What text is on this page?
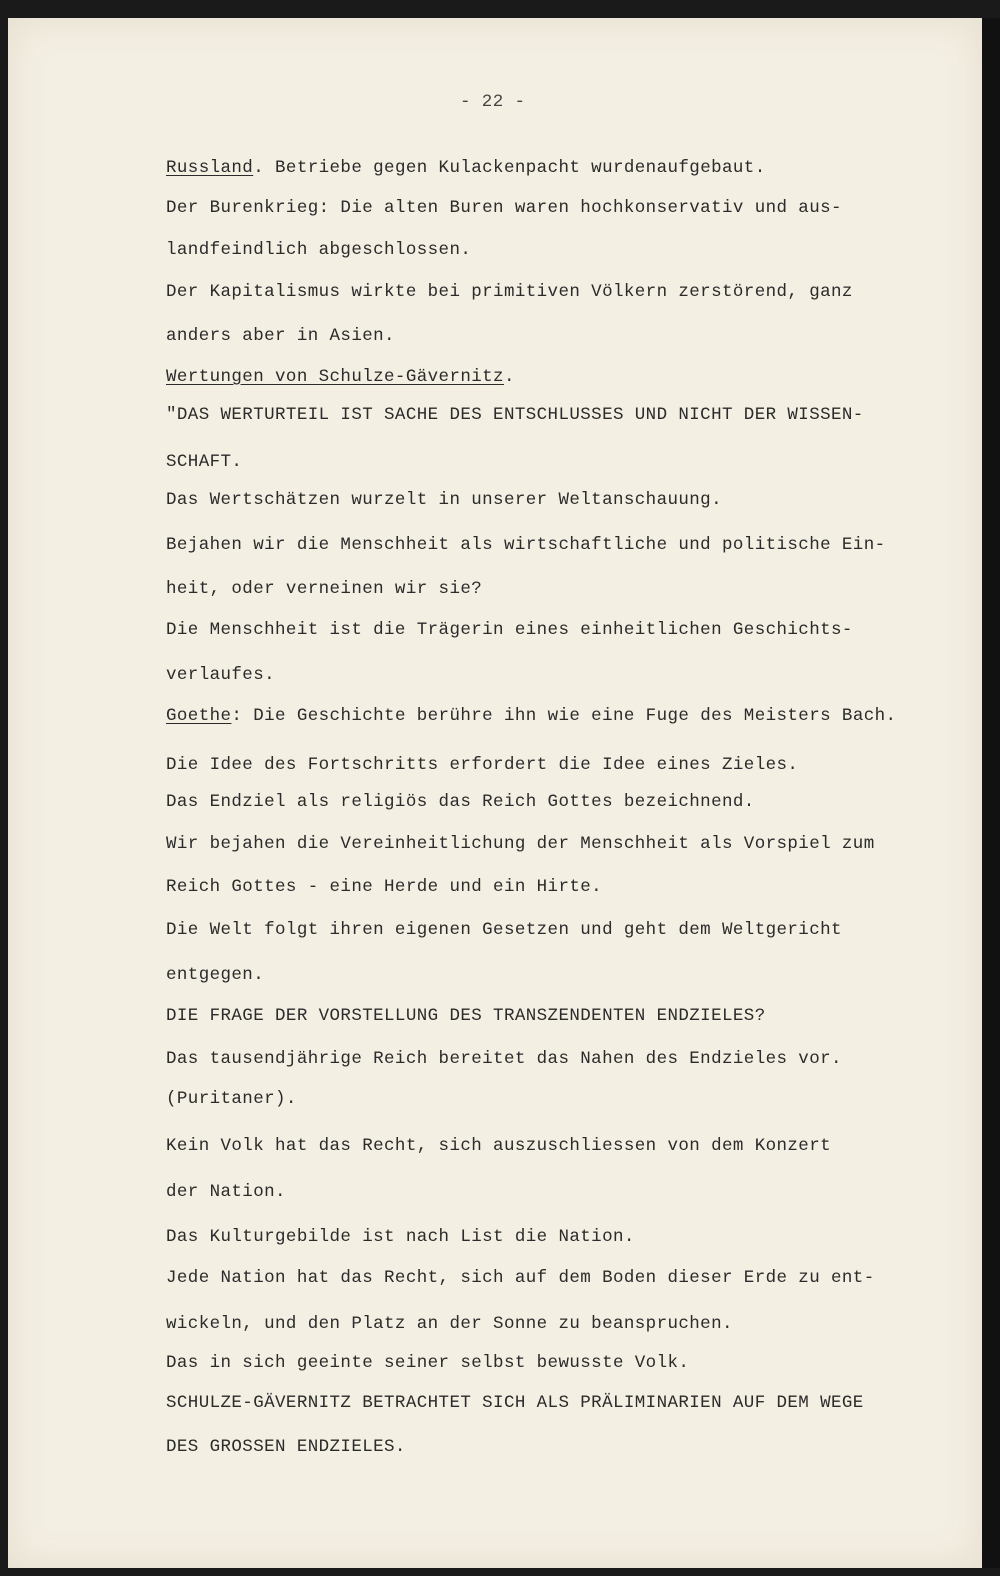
- 22 -
Russland. Betriebe gegen Kulackenpacht wurdenaufgebaut.
Der Burenkrieg: Die alten Buren waren hochkonservativ und aus-
landfeindlich abgeschlossen.
Der Kapitalismus wirkte bei primitiven Völkern zerstörend, ganz
anders aber in Asien.
Wertungen von Schulze-Gävernitz.
"DAS WERTURTEIL IST SACHE DES ENTSCHLUSSES UND NICHT DER WISSEN-
SCHAFT.
Das Wertschätzen wurzelt in unserer Weltanschauung.
Bejahen wir die Menschheit als wirtschaftliche und politische Ein-
heit, oder verneinen wir sie?
Die Menschheit ist die Trägerin eines einheitlichen Geschichts-
verlaufes.
Goethe: Die Geschichte berühre ihn wie eine Fuge des Meisters Bach.
Die Idee des Fortschritts erfordert die Idee eines Zieles.
Das Endziel als religiös das Reich Gottes bezeichnend.
Wir bejahen die Vereinheitlichung der Menschheit als Vorspiel zum
Reich Gottes - eine Herde und ein Hirte.
Die Welt folgt ihren eigenen Gesetzen und geht dem Weltgericht
entgegen.
DIE FRAGE DER VORSTELLUNG DES TRANSZENDENTEN ENDZIELES?
Das tausendjährige Reich bereitet das Nahen des Endzieles vor.
(Puritaner).
Kein Volk hat das Recht, sich auszuschliessen von dem Konzert
der Nation.
Das Kulturgebilde ist nach List die Nation.
Jede Nation hat das Recht, sich auf dem Boden dieser Erde zu ent-
wickeln, und den Platz an der Sonne zu beanspruchen.
Das in sich geeinte seiner selbst bewusste Volk.
SCHULZE-GÄVERNITZ BETRACHTET SICH ALS PRÄLIMINARIEN AUF DEM WEGE
DES GROSSEN ENDZIELES.
